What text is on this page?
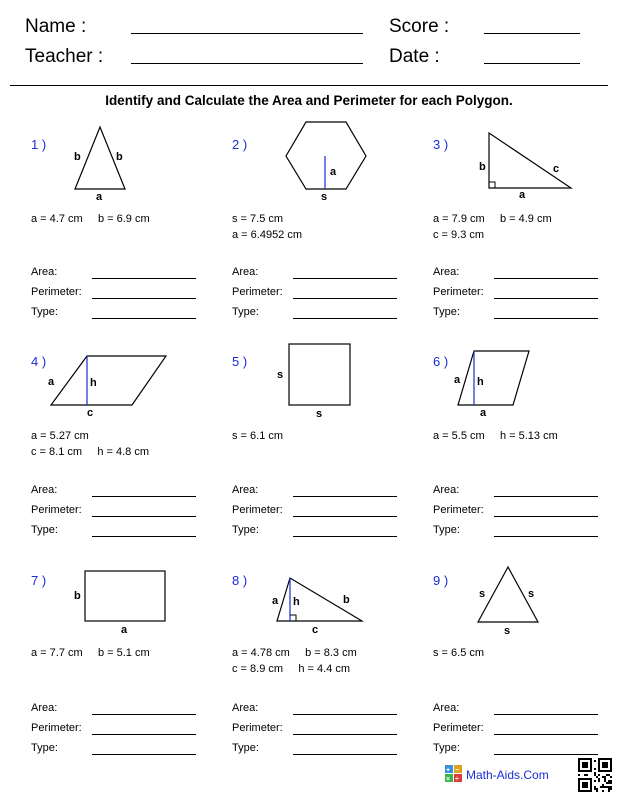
Name :	Score :
Teacher :	Date :
Identify and Calculate the Area and Perimeter for each Polygon.
1 )
b	b
a
a = 4.7 cm     b = 6.9 cm
2 )
a
s
s = 7.5 cm
a = 6.4952 cm
3 )
b	c
a
a = 7.9 cm     b = 4.9 cm
c = 9.3 cm
Area:
Perimeter:
Type:
Area:
Perimeter:
Type:
Area:
Perimeter:
Type:
4 )
a	h
c
a = 5.27 cm
c = 8.1 cm     h = 4.8 cm
5 )
s
s
s = 6.1 cm
6 )
a h
a
a = 5.5 cm     h = 5.13 cm
Area:
Perimeter:
Type:
Area:
Perimeter:
Type:
Area:
Perimeter:
Type:
7 )
b
a
a = 7.7 cm     b = 5.1 cm
8 )
a h	b
c
a = 4.78 cm     b = 8.3 cm
c = 8.9 cm     h = 4.4 cm
9 )
s	s
s
s = 6.5 cm
Area:
Perimeter:
Type:
Area:
Perimeter:
Type:
Area:
Perimeter:
Type:
+ −
× ÷ Math-Aids.Com
